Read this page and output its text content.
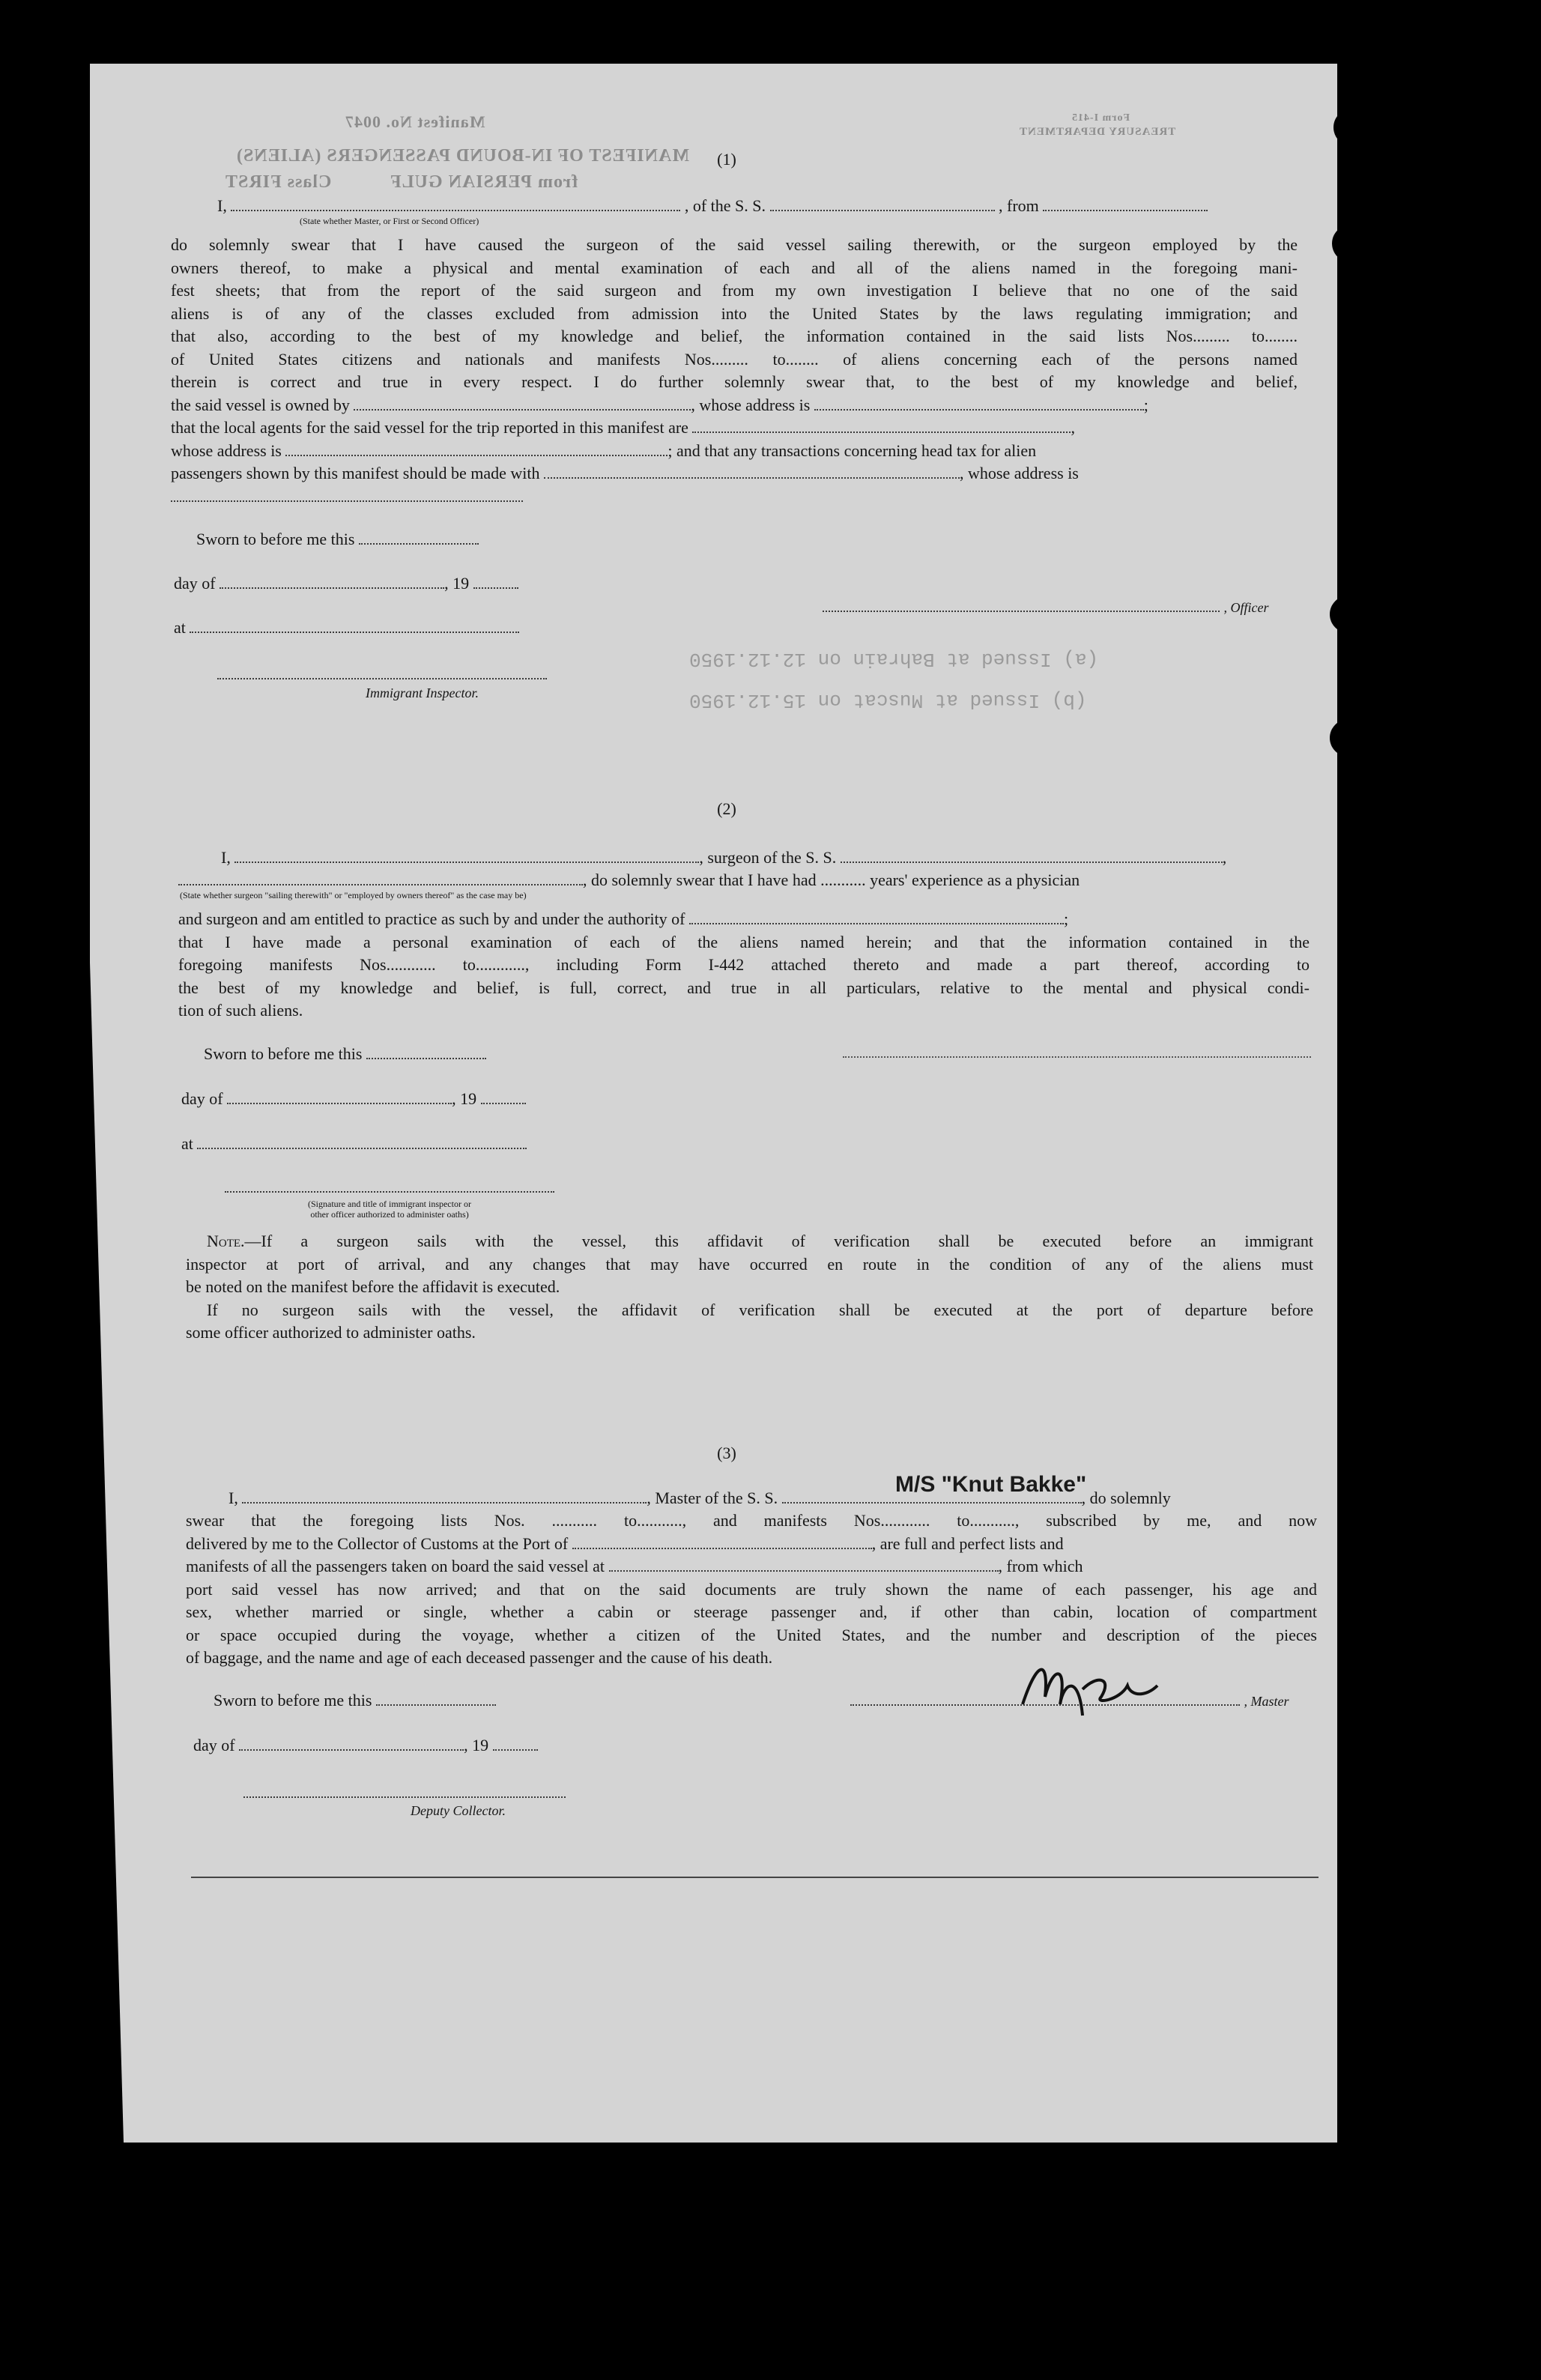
Form I-415
TREASURY DEPARTMENT
Manifest No. 0047
MANIFEST OF IN-BOUND PASSENGERS (ALIENS)
Class FIRST	from PERSIAN GULF
(a) Issued at Bahrain on 12.12.1950
(b) Issued at Muscat on 15.12.1950
(1)
I,	, of the S. S.	, from
(State whether Master, or First or Second Officer)
do solemnly swear that I have caused the surgeon of the said vessel sailing therewith, or the surgeon employed by the
owners thereof, to make a physical and mental examination of each and all of the aliens named in the foregoing mani-
fest sheets; that from the report of the said surgeon and from my own investigation I believe that no one of the said
aliens is of any of the classes excluded from admission into the United States by the laws regulating immigration; and
that also, according to the best of my knowledge and belief, the information contained in the said lists Nos......... to........
of United States citizens and nationals and manifests Nos......... to........ of aliens concerning each of the persons named
therein is correct and true in every respect. I do further solemnly swear that, to the best of my knowledge and belief,
the said vessel is owned by	, whose address is	;
that the local agents for the said vessel for the trip reported in this manifest are	,
whose address is	; and that any transactions concerning head tax for alien
passengers shown by this manifest should be made with	, whose address is
Sworn to before me this
day of	, 19
at
Immigrant Inspector.
, Officer
(2)
I,	, surgeon of the S. S.	,
, do solemnly swear that I have had ........... years' experience as a physician
(State whether surgeon "sailing therewith" or "employed by owners thereof" as the case may be)
and surgeon and am entitled to practice as such by and under the authority of	;
that I have made a personal examination of each of the aliens named herein; and that the information contained in the
foregoing manifests Nos............ to............, including Form I-442 attached thereto and made a part thereof, according to
the best of my knowledge and belief, is full, correct, and true in all particulars, relative to the mental and physical condi-
tion of such aliens.
Sworn to before me this
day of	, 19
at
(Signature and title of immigrant inspector or
other officer authorized to administer oaths)
Note.—If a surgeon sails with the vessel, this affidavit of verification shall be executed before an immigrant
inspector at port of arrival, and any changes that may have occurred en route in the condition of any of the aliens must
be noted on the manifest before the affidavit is executed.
If no surgeon sails with the vessel, the affidavit of verification shall be executed at the port of departure before
some officer authorized to administer oaths.
(3)
M/S "Knut Bakke"
I,	, Master of the S. S.	, do solemnly
swear that the foregoing lists Nos. ........... to..........., and manifests Nos............ to..........., subscribed by me, and now
delivered by me to the Collector of Customs at the Port of	, are full and perfect lists and
manifests of all the passengers taken on board the said vessel at	, from which
port said vessel has now arrived; and that on the said documents are truly shown the name of each passenger, his age and
sex, whether married or single, whether a cabin or steerage passenger and, if other than cabin, location of compartment
or space occupied during the voyage, whether a citizen of the United States, and the number and description of the pieces
of baggage, and the name and age of each deceased passenger and the cause of his death.
Sworn to before me this
day of	, 19
Deputy Collector.
, Master
